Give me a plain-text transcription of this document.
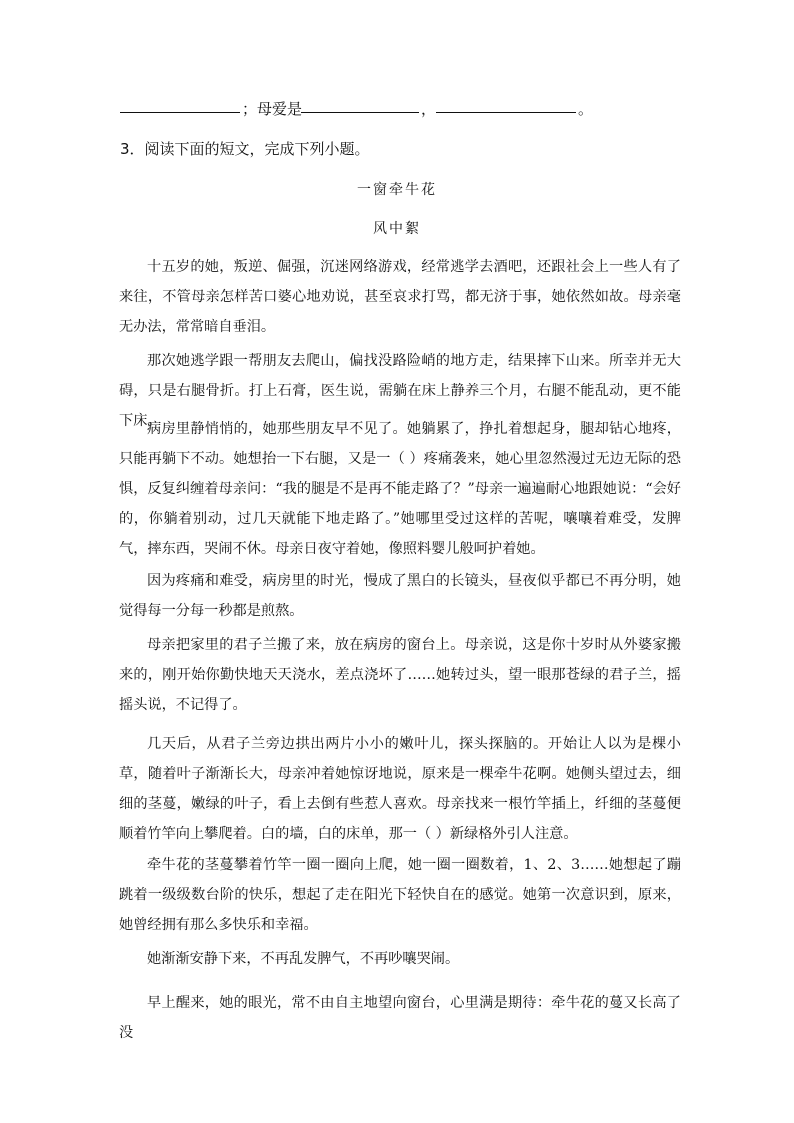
；母爱是	，	。
3．阅读下面的短文，完成下列小题。
一窗牵牛花
风中絮

十五岁的她，叛逆、倔强，沉迷网络游戏，经常逃学去酒吧，还跟社会上一些人有了来往，不管母亲怎样苦口婆心地劝说，甚至哀求打骂，都无济于事，她依然如故。母亲毫无办法，常常暗自垂泪。

那次她逃学跟一帮朋友去爬山，偏找没路险峭的地方走，结果摔下山来。所幸并无大碍，只是右腿骨折。打上石膏，医生说，需躺在床上静养三个月，右腿不能乱动，更不能下床。

病房里静悄悄的，她那些朋友早不见了。她躺累了，挣扎着想起身，腿却钻心地疼，只能再躺下不动。她想抬一下右腿，又是一（ ）疼痛袭来，她心里忽然漫过无边无际的恐惧，反复纠缠着母亲问：“我的腿是不是再不能走路了？”母亲一遍遍耐心地跟她说：“会好的，你躺着别动，过几天就能下地走路了。”她哪里受过这样的苦呢，嚷嚷着难受，发脾气，摔东西，哭闹不休。母亲日夜守着她，像照料婴儿般呵护着她。

因为疼痛和难受，病房里的时光，慢成了黑白的长镜头，昼夜似乎都已不再分明，她觉得每一分每一秒都是煎熬。

母亲把家里的君子兰搬了来，放在病房的窗台上。母亲说，这是你十岁时从外婆家搬来的，刚开始你勤快地天天浇水，差点浇坏了……她转过头，望一眼那苍绿的君子兰，摇摇头说，不记得了。

几天后，从君子兰旁边拱出两片小小的嫩叶儿，探头探脑的。开始让人以为是棵小草，随着叶子渐渐长大，母亲冲着她惊讶地说，原来是一棵牵牛花啊。她侧头望过去，细细的茎蔓，嫩绿的叶子，看上去倒有些惹人喜欢。母亲找来一根竹竿插上，纤细的茎蔓便顺着竹竿向上攀爬着。白的墙，白的床单，那一（ ）新绿格外引人注意。

牵牛花的茎蔓攀着竹竿一圈一圈向上爬，她一圈一圈数着，1、2、3……她想起了蹦跳着一级级数台阶的快乐，想起了走在阳光下轻快自在的感觉。她第一次意识到，原来，她曾经拥有那么多快乐和幸福。

她渐渐安静下来，不再乱发脾气，不再吵嚷哭闹。

早上醒来，她的眼光，常不由自主地望向窗台，心里满是期待：牵牛花的蔓又长高了没
